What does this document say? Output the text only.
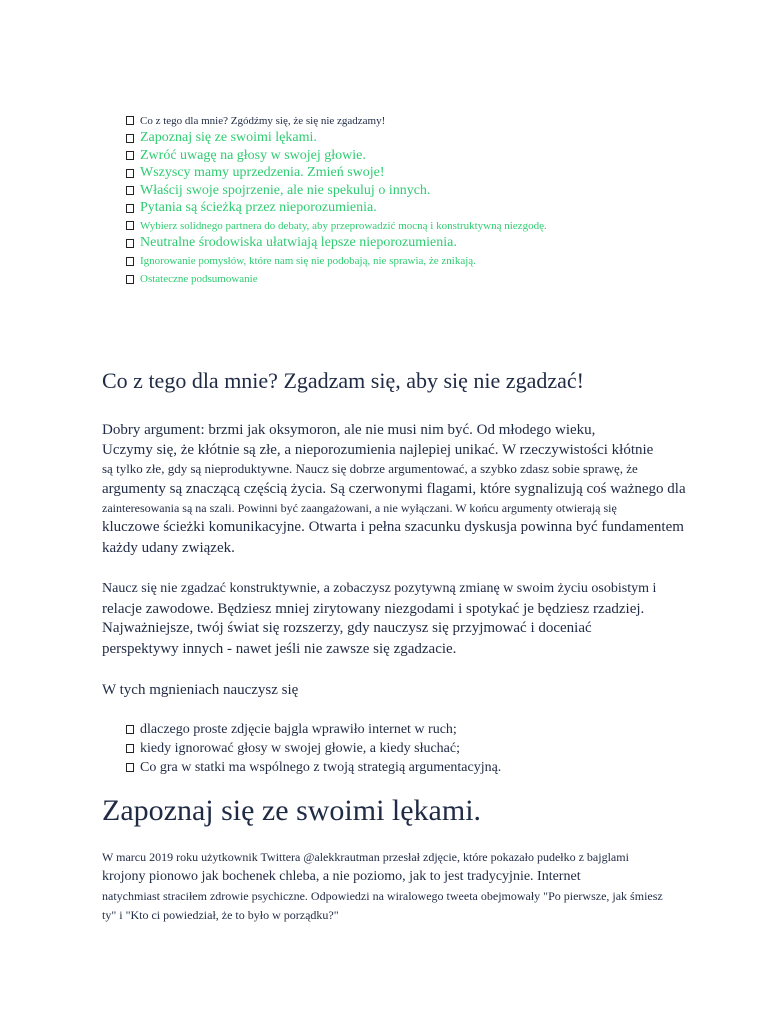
Co z tego dla mnie? Zgódźmy się, że się nie zgadzamy!
Zapoznaj się ze swoimi lękami.
Zwróć uwagę na głosy w swojej głowie.
Wszyscy mamy uprzedzenia. Zmień swoje!
Właścij swoje spojrzenie, ale nie spekuluj o innych.
Pytania są ścieżką przez nieporozumienia.
Wybierz solidnego partnera do debaty, aby przeprowadzić mocną i konstruktywną niezgodę.
Neutralne środowiska ułatwiają lepsze nieporozumienia.
Ignorowanie pomysłów, które nam się nie podobają, nie sprawia, że znikają.
Ostateczne podsumowanie
Co z tego dla mnie? Zgadzam się, aby się nie zgadzać!
Dobry argument: brzmi jak oksymoron, ale nie musi nim być. Od młodego wieku,
Uczymy się, że kłótnie są złe, a nieporozumienia najlepiej unikać. W rzeczywistości kłótnie
są tylko złe, gdy są nieproduktywne. Naucz się dobrze argumentować, a szybko zdasz sobie sprawę, że
argumenty są znaczącą częścią życia. Są czerwonymi flagami, które sygnalizują coś ważnego dla
zainteresowania są na szali. Powinni być zaangażowani, a nie wyłączani. W końcu argumenty otwierają się
kluczowe ścieżki komunikacyjne. Otwarta i pełna szacunku dyskusja powinna być fundamentem
każdy udany związek.
Naucz się nie zgadzać konstruktywnie, a zobaczysz pozytywną zmianę w swoim życiu osobistym i
relacje zawodowe. Będziesz mniej zirytowany niezgodami i spotykać je będziesz rzadziej.
Najważniejsze, twój świat się rozszerzy, gdy nauczysz się przyjmować i doceniać
perspektywy innych - nawet jeśli nie zawsze się zgadzacie.
W tych mgnieniach nauczysz się
dlaczego proste zdjęcie bajgla wprawiło internet w ruch;
kiedy ignorować głosy w swojej głowie, a kiedy słuchać;
Co gra w statki ma wspólnego z twoją strategią argumentacyjną.
Zapoznaj się ze swoimi lękami.
W marcu 2019 roku użytkownik Twittera @alekkrautman przesłał zdjęcie, które pokazało pudełko z bajglami
krojony pionowo jak bochenek chleba, a nie poziomo, jak to jest tradycyjnie. Internet
natychmiast straciłem zdrowie psychiczne. Odpowiedzi na wiralowego tweeta obejmowały "Po pierwsze, jak śmiesz
ty" i "Kto ci powiedział, że to było w porządku?"
